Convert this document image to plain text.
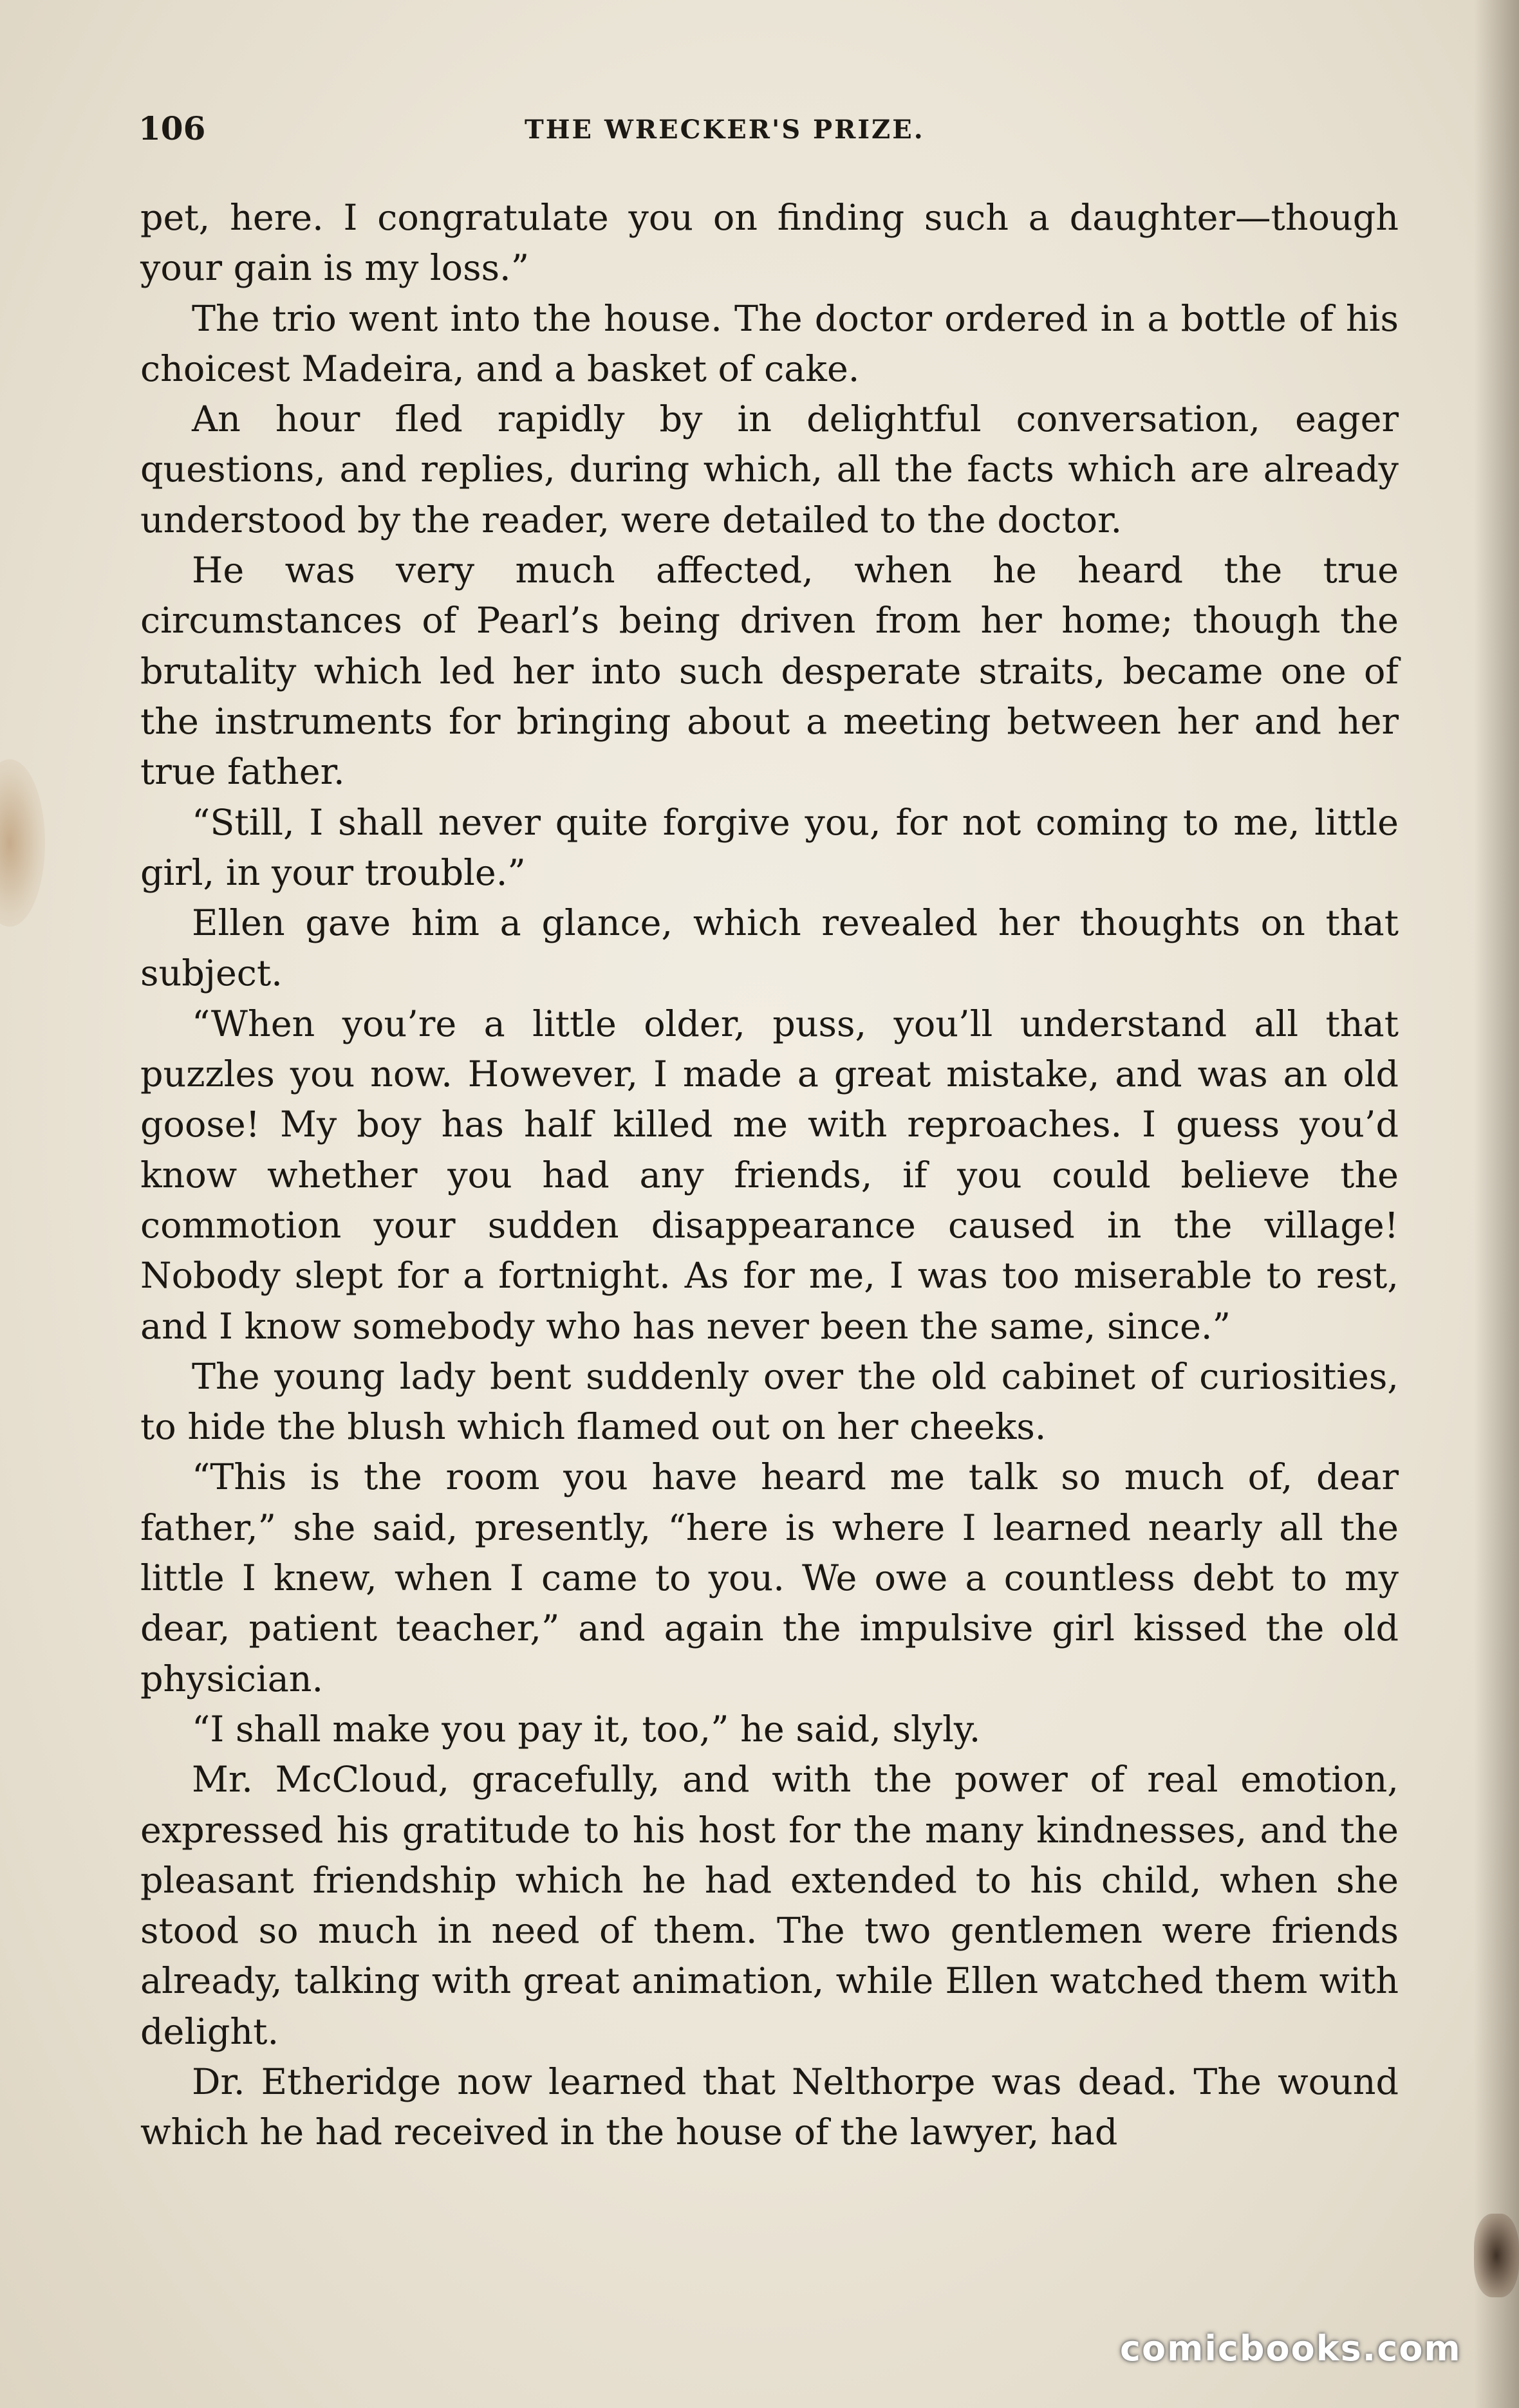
106	THE WRECKER'S PRIZE.

pet, here. I congratulate you on finding such a daughter—though your gain is my loss.”

The trio went into the house. The doctor ordered in a bottle of his choicest Madeira, and a basket of cake.

An hour fled rapidly by in delightful conversation, eager questions, and replies, during which, all the facts which are already understood by the reader, were detailed to the doctor.

He was very much affected, when he heard the true circumstances of Pearl’s being driven from her home; though the brutality which led her into such desperate straits, became one of the instruments for bringing about a meeting between her and her true father.

“Still, I shall never quite forgive you, for not coming to me, little girl, in your trouble.”

Ellen gave him a glance, which revealed her thoughts on that subject.

“When you’re a little older, puss, you’ll understand all that puzzles you now. However, I made a great mistake, and was an old goose! My boy has half killed me with reproaches. I guess you’d know whether you had any friends, if you could believe the commotion your sudden disappearance caused in the village! Nobody slept for a fortnight. As for me, I was too miserable to rest, and I know somebody who has never been the same, since.”

The young lady bent suddenly over the old cabinet of curiosities, to hide the blush which flamed out on her cheeks.

“This is the room you have heard me talk so much of, dear father,” she said, presently, “here is where I learned nearly all the little I knew, when I came to you. We owe a countless debt to my dear, patient teacher,” and again the impulsive girl kissed the old physician.

“I shall make you pay it, too,” he said, slyly.

Mr. McCloud, gracefully, and with the power of real emotion, expressed his gratitude to his host for the many kindnesses, and the pleasant friendship which he had extended to his child, when she stood so much in need of them. The two gentlemen were friends already, talking with great animation, while Ellen watched them with delight.

Dr. Etheridge now learned that Nelthorpe was dead. The wound which he had received in the house of the lawyer, had

comicbooks.com
